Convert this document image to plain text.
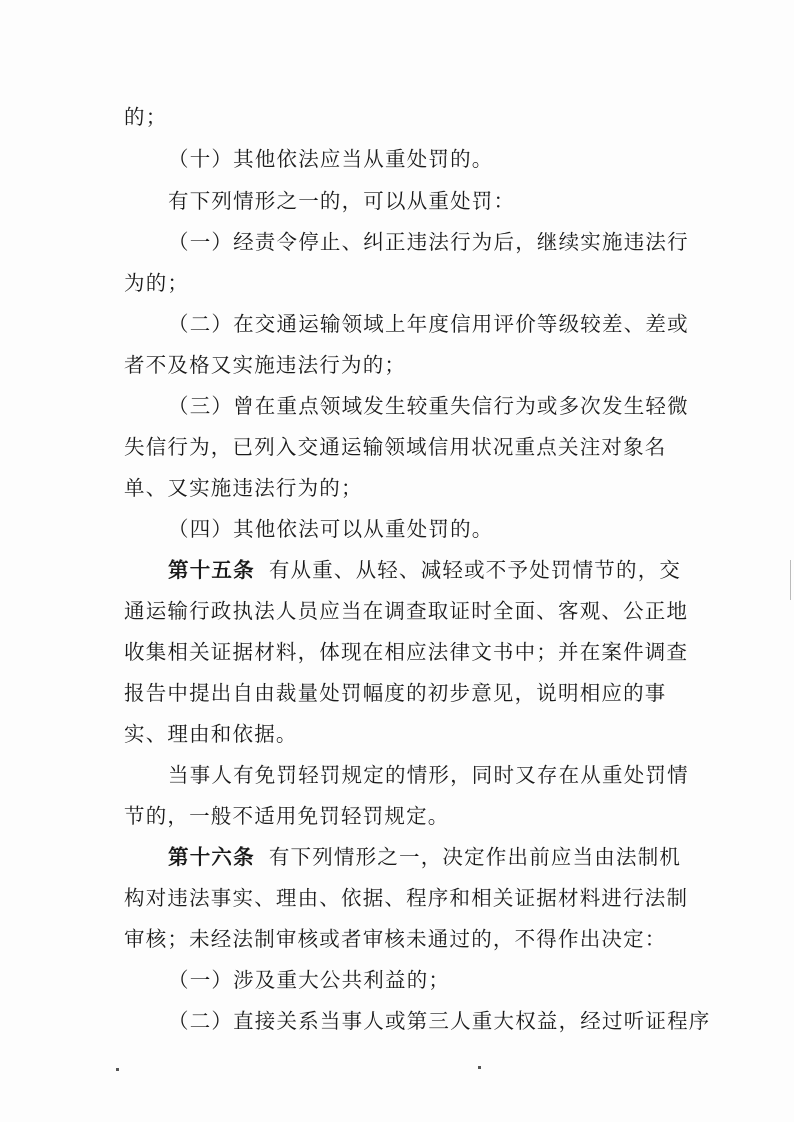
的；
（十）其他依法应当从重处罚的。
有下列情形之一的，可以从重处罚：
（一）经责令停止、纠正违法行为后，继续实施违法行
为的；
（二）在交通运输领域上年度信用评价等级较差、差或
者不及格又实施违法行为的；
（三）曾在重点领域发生较重失信行为或多次发生轻微
失信行为，已列入交通运输领域信用状况重点关注对象名
单、又实施违法行为的；
（四）其他依法可以从重处罚的。
第十五条 有从重、从轻、减轻或不予处罚情节的，交
通运输行政执法人员应当在调查取证时全面、客观、公正地
收集相关证据材料，体现在相应法律文书中；并在案件调查
报告中提出自由裁量处罚幅度的初步意见，说明相应的事
实、理由和依据。
当事人有免罚轻罚规定的情形，同时又存在从重处罚情
节的，一般不适用免罚轻罚规定。
第十六条 有下列情形之一，决定作出前应当由法制机
构对违法事实、理由、依据、程序和相关证据材料进行法制
审核；未经法制审核或者审核未通过的，不得作出决定：
（一）涉及重大公共利益的；
（二）直接关系当事人或第三人重大权益，经过听证程序
